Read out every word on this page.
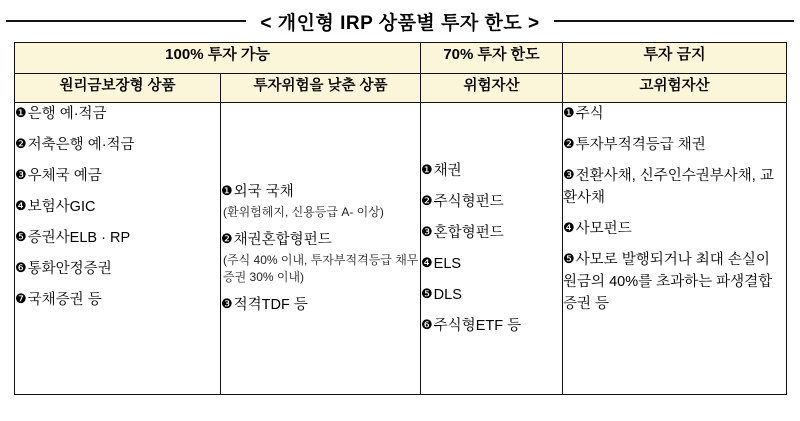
< 개인형 IRP 상품별 투자 한도 >
100% 투자 가능		70% 투자 한도	투자 금지
원리금보장형 상품	투자위험을 낮춘 상품	위험자산	고위험자산

❶은행 예·적금
❷저축은행 예·적금
❸우체국 예금
❹보험사GIC
❺증권사ELB · RP
❻통화안정증권
❼국채증권 등

❶외국 국채
(환위험헤지, 신용등급 A- 이상)
❷채권혼합형펀드
(주식 40% 이내, 투자부적격등급 채무증권 30% 이내)
❸적격TDF 등

❶채권
❷주식형펀드
❸혼합형펀드
❹ELS
❺DLS
❻주식형ETF 등

❶주식
❷투자부적격등급 채권
❸전환사채, 신주인수권부사채, 교환사채
❹사모펀드
❺사모로 발행되거나 최대 손실이 원금의 40%를 초과하는 파생결합증권 등
